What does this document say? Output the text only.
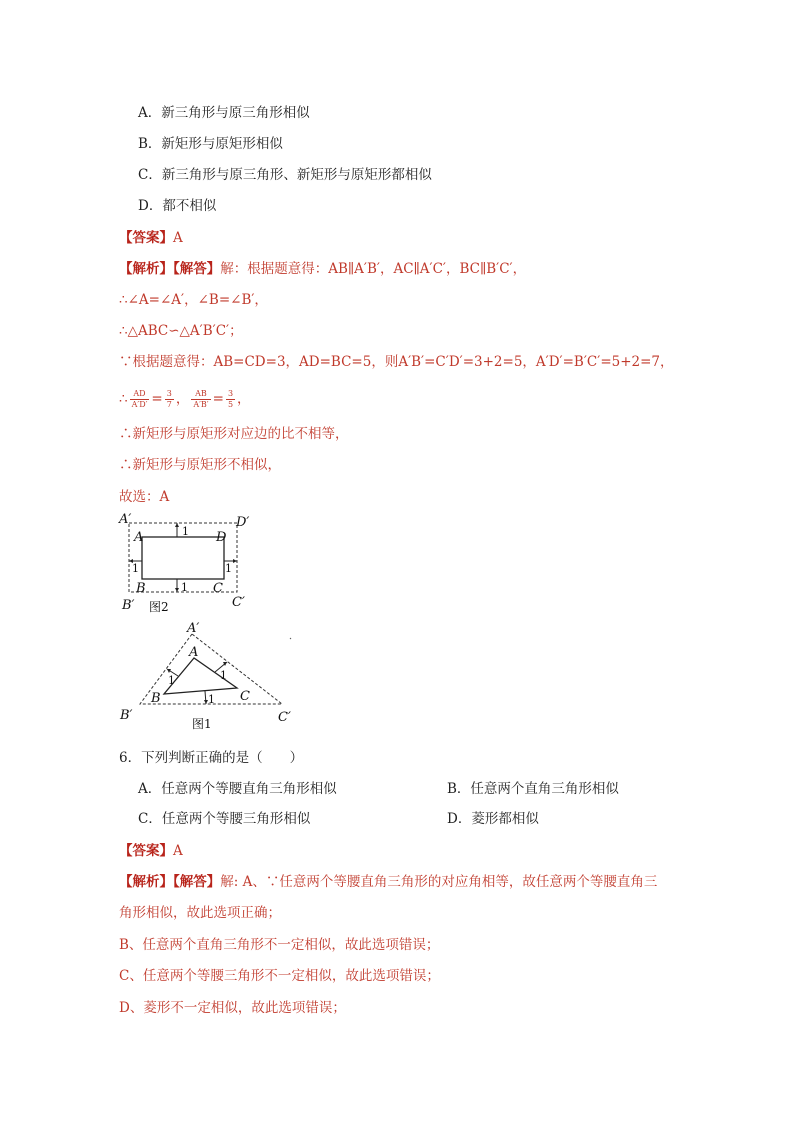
A．新三角形与原三角形相似
B．新矩形与原矩形相似
C．新三角形与原三角形、新矩形与原矩形都相似
D．都不相似
【答案】A
【解析】【解答】解：根据题意得：AB∥A′B′，AC∥A′C′，BC∥B′C′，
∴∠A=∠A′，∠B=∠B′，
∴△ABC∽△A′B′C′；
∵根据题意得：AB=CD=3，AD=BC=5，则A′B′=C′D′=3+2=5，A′D′=B′C′=5+2=7，
∴ $\frac{AD}{A'D'} = \frac{3}{7}$ ， $\frac{AB}{A'B'} = \frac{3}{5}$ ，
∴新矩形与原矩形对应边的比不相等，
∴新矩形与原矩形不相似，
故选：A
A′	D′
A	D
B	C
B′	C′
1
1
1	1
图2
A′
A
B	C
B′	C′
1	1
1
图1
6．下列判断正确的是（　　）
A．任意两个等腰直角三角形相似	B．任意两个直角三角形相似
C．任意两个等腰三角形相似	D．菱形都相似
【答案】A
【解析】【解答】解: A、∵任意两个等腰直角三角形的对应角相等，故任意两个等腰直角三
角形相似，故此选项正确；
B、任意两个直角三角形不一定相似，故此选项错误；
C、任意两个等腰三角形不一定相似，故此选项错误；
D、菱形不一定相似，故此选项错误；
